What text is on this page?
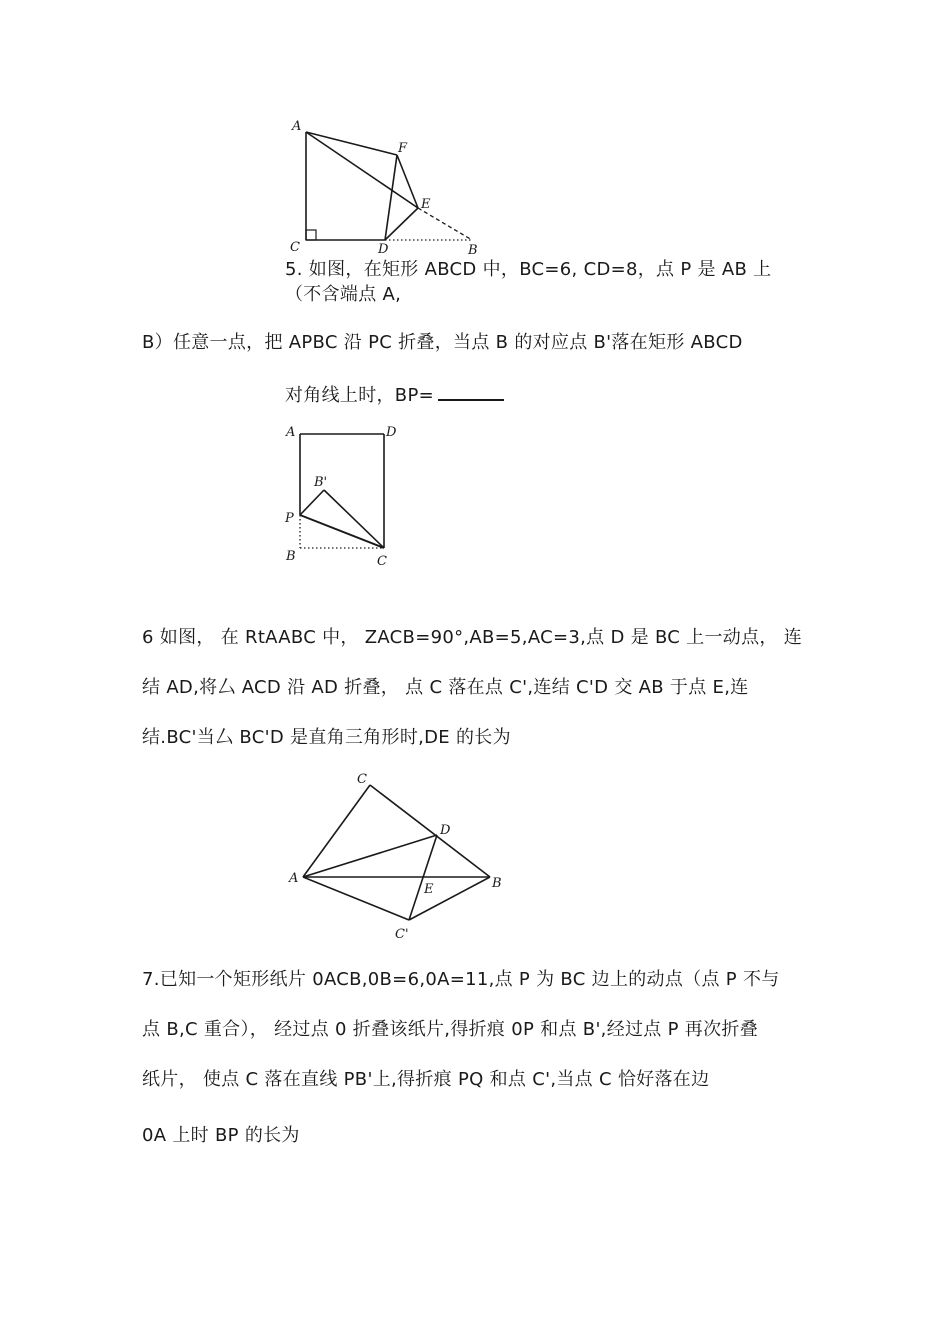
A
F
E
C	D	B
5. 如图，在矩形 ABCD 中，BC=6, CD=8，点 P 是 AB 上
（不含端点 A,
B）任意一点，把 APBC 沿 PC 折叠，当点 B 的对应点 B'落在矩形 ABCD
对角线上时，BP=
A	D
B'
P
B	C
6 如图， 在 RtAABC 中， ZACB=90°,AB=5,AC=3,点 D 是 BC 上一动点， 连
结 AD,将厶 ACD 沿 AD 折叠， 点 C 落在点 C',连结 C'D 交 AB 于点 E,连
结.BC'当厶 BC'D 是直角三角形时,DE 的长为
C
D
A
E	B
C'
7.已知一个矩形纸片 0ACB,0B=6,0A=11,点 P 为 BC 边上的动点（点 P 不与
点 B,C 重合）， 经过点 0 折叠该纸片,得折痕 0P 和点 B',经过点 P 再次折叠
纸片， 使点 C 落在直线 PB'上,得折痕 PQ 和点 C',当点 C 恰好落在边
0A 上时 BP 的长为
